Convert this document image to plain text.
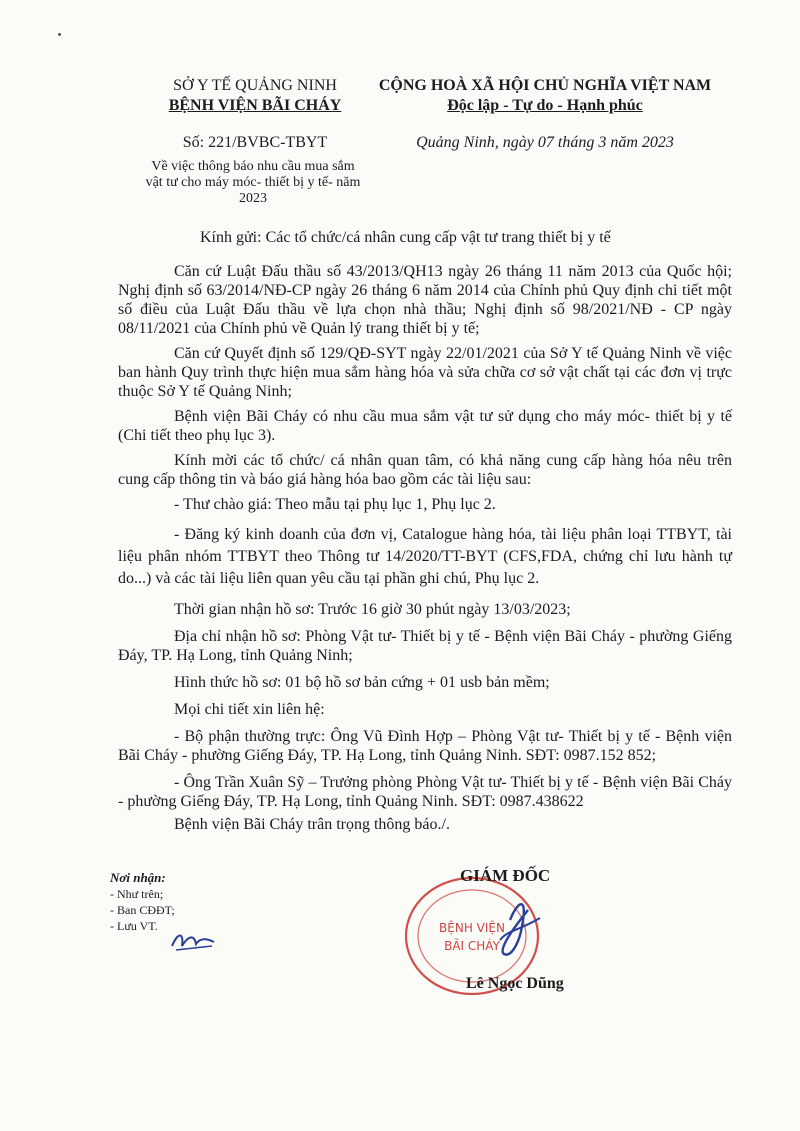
SỞ Y TẾ QUẢNG NINH
BỆNH VIỆN BÃI CHÁY
CỘNG HOÀ XÃ HỘI CHỦ NGHĨA VIỆT NAM
Độc lập - Tự do - Hạnh phúc
Số: 221/BVBC-TBYT	Quảng Ninh, ngày 07 tháng 3 năm 2023
Về việc thông báo nhu cầu mua sắm
vật tư cho máy móc- thiết bị y tế- năm
2023
Kính gửi: Các tổ chức/cá nhân cung cấp vật tư trang thiết bị y tế

Căn cứ Luật Đấu thầu số 43/2013/QH13 ngày 26 tháng 11 năm 2013 của Quốc hội; Nghị định số 63/2014/NĐ-CP ngày 26 tháng 6 năm 2014 của Chính phủ Quy định chi tiết một số điều của Luật Đấu thầu về lựa chọn nhà thầu; Nghị định số 98/2021/NĐ - CP ngày 08/11/2021 của Chính phủ về Quản lý trang thiết bị y tế;

Căn cứ Quyết định số 129/QĐ-SYT ngày 22/01/2021 của Sở Y tế Quảng Ninh về việc ban hành Quy trình thực hiện mua sắm hàng hóa và sửa chữa cơ sở vật chất tại các đơn vị trực thuộc Sở Y tế Quảng Ninh;

Bệnh viện Bãi Cháy có nhu cầu mua sắm vật tư sử dụng cho máy móc- thiết bị y tế (Chi tiết theo phụ lục 3).

Kính mời các tổ chức/ cá nhân quan tâm, có khả năng cung cấp hàng hóa nêu trên cung cấp thông tin và báo giá hàng hóa bao gồm các tài liệu sau:

- Thư chào giá: Theo mẫu tại phụ lục 1, Phụ lục 2.

- Đăng ký kinh doanh của đơn vị, Catalogue hàng hóa, tài liệu phân loại TTBYT, tài liệu phân nhóm TTBYT theo Thông tư 14/2020/TT-BYT (CFS,FDA, chứng chỉ lưu hành tự do...) và các tài liệu liên quan yêu cầu tại phần ghi chú, Phụ lục 2.

Thời gian nhận hồ sơ: Trước 16 giờ 30 phút ngày 13/03/2023;

Địa chỉ nhận hồ sơ: Phòng Vật tư- Thiết bị y tế - Bệnh viện Bãi Cháy - phường Giếng Đáy, TP. Hạ Long, tỉnh Quảng Ninh;

Hình thức hồ sơ: 01 bộ hồ sơ bản cứng + 01 usb bản mềm;

Mọi chi tiết xin liên hệ:

- Bộ phận thường trực: Ông Vũ Đình Hợp – Phòng Vật tư- Thiết bị y tế - Bệnh viện Bãi Cháy - phường Giếng Đáy, TP. Hạ Long, tỉnh Quảng Ninh. SĐT: 0987.152 852;

- Ông Trần Xuân Sỹ – Trưởng phòng Phòng Vật tư- Thiết bị y tế - Bệnh viện Bãi Cháy - phường Giếng Đáy, TP. Hạ Long, tỉnh Quảng Ninh. SĐT: 0987.438622

Bệnh viện Bãi Cháy trân trọng thông báo./.

Nơi nhận:
- Như trên;
- Ban CĐĐT;
- Lưu VT.	BỆNH VIỆN
BÃI CHÁY
GIÁM ĐỐC
Lê Ngọc Dũng
